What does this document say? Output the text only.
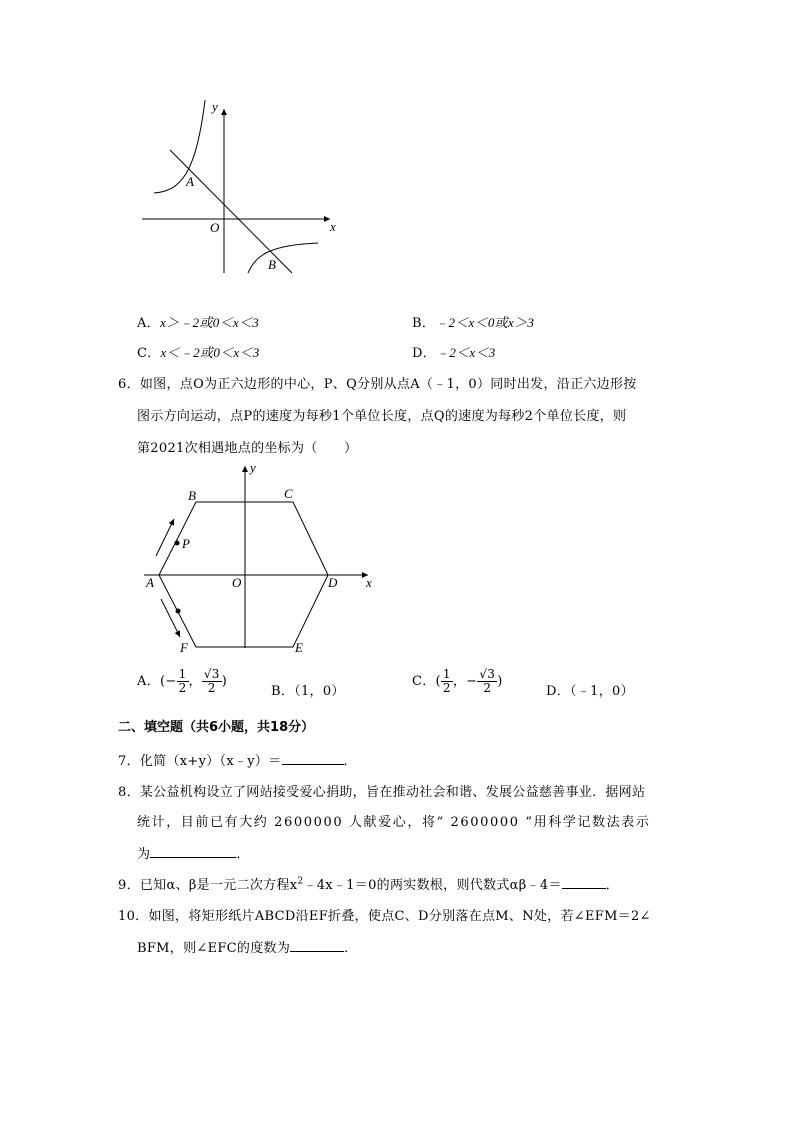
y
x
O
A
B
A．x＞﹣2或0＜x＜3	B．﹣2＜x＜0或x＞3
C．x＜﹣2或0＜x＜3	D．﹣2＜x＜3
6．如图，点O为正六边形的中心，P、Q分别从点A（﹣1，0）同时出发，沿正六边形按
图示方向运动，点P的速度为每秒1个单位长度，点Q的速度为每秒2个单位长度，则
第2021次相遇地点的坐标为（　　）
y
x
O
A
B	C
D
E
F
P
A．(− $\frac{1}{2}$ ， $\frac{√3}{2}$ )
B．（1，0）
C．( $\frac{1}{2}$ ，− $\frac{√3}{2}$ )
D．（﹣1，0）
二、填空题（共6小题，共18分）
7．化简（x+y）（x﹣y）＝	．
8．某公益机构设立了网站接受爱心捐助，旨在推动社会和谐、发展公益慈善事业．据网站
统计，目前已有大约 2600000 人献爱心，将“ 2600000 ”用科学记数法表示
为	．
9．已知α、β是一元二次方程$x^2﹣4x﹣1=0$的两实数根，则代数式αβ﹣4＝	．
10．如图，将矩形纸片ABCD沿EF折叠，使点C、D分别落在点M、N处，若∠EFM＝2∠
BFM，则∠EFC的度数为	．
